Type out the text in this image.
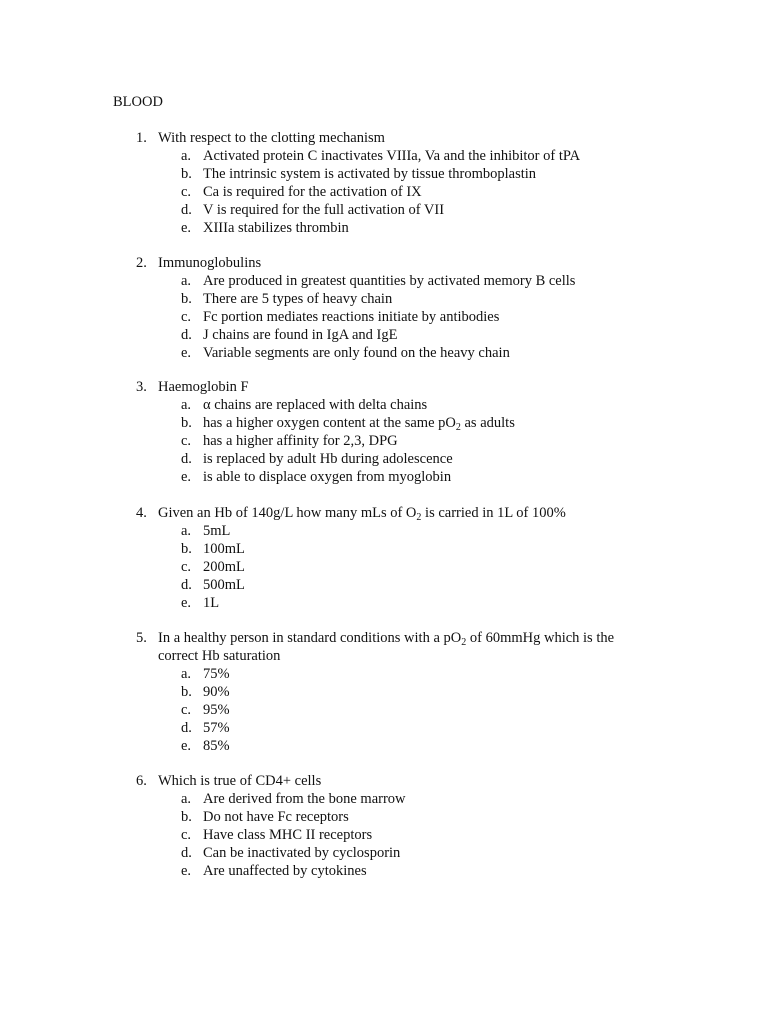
BLOOD
1. With respect to the clotting mechanism
a. Activated protein C inactivates VIIIa, Va and the inhibitor of tPA
b. The intrinsic system is activated by tissue thromboplastin
c. Ca is required for the activation of IX
d. V is required for the full activation of VII
e. XIIIa stabilizes thrombin
2. Immunoglobulins
a. Are produced in greatest quantities by activated memory B cells
b. There are 5 types of heavy chain
c. Fc portion mediates reactions initiate by antibodies
d. J chains are found in IgA and IgE
e. Variable segments are only found on the heavy chain
3. Haemoglobin F
a. α chains are replaced with delta chains
b. has a higher oxygen content at the same $pO_2$ as adults
c. has a higher affinity for 2,3, DPG
d. is replaced by adult Hb during adolescence
e. is able to displace oxygen from myoglobin
4. Given an Hb of 140g/L how many mLs of $O_2$ is carried in 1L of 100%
a. 5mL
b. 100mL
c. 200mL
d. 500mL
e. 1L
5. In a healthy person in standard conditions with a $pO_2$ of 60mmHg which is the correct Hb saturation
a. 75%
b. 90%
c. 95%
d. 57%
e. 85%
6. Which is true of CD4+ cells
a. Are derived from the bone marrow
b. Do not have Fc receptors
c. Have class MHC II receptors
d. Can be inactivated by cyclosporin
e. Are unaffected by cytokines
